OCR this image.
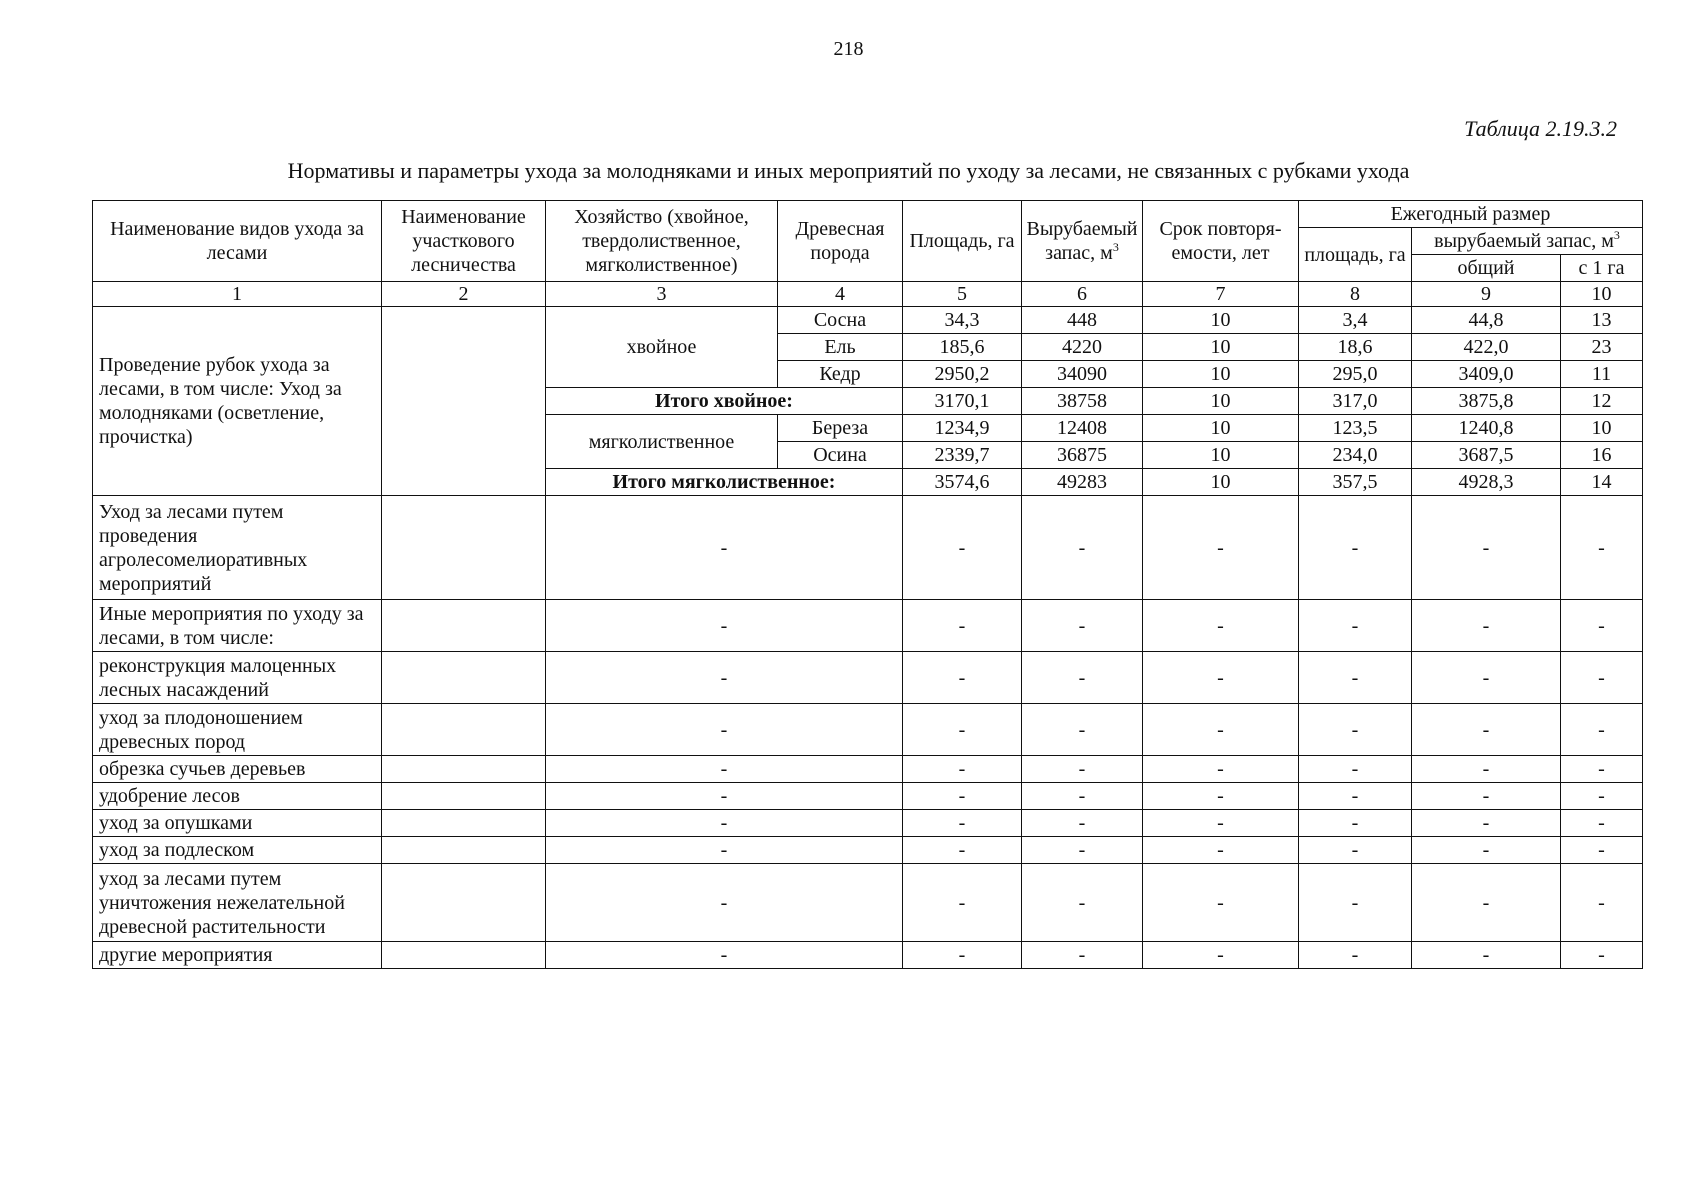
218
Таблица 2.19.3.2
Нормативы и параметры ухода за молодняками и иных мероприятий по уходу за лесами, не связанных с рубками ухода
Наименование видов ухода за лесами	Наименование участкового лесничества	Хозяйство (хвойное, твердолиственное, мягколиственное)	Древесная порода	Площадь, га	Вырубаемый запас, $м^3$	Срок повторя-емости, лет	Ежегодный размер		
							площадь, га	вырубаемый запас, $м^3$
								общий	с 1 га
1	2	3	4	5	6	7	8	9	10
Проведение рубок ухода за лесами, в том числе: Уход за молодняками (осветление, прочистка)		хвойное	Сосна	34,3	448	10	3,4	44,8	13
			Ель	185,6	4220	10	18,6	422,0	23
			Кедр	2950,2	34090	10	295,0	3409,0	11
		Итого хвойное:		3170,1	38758	10	317,0	3875,8	12
		мягколиственное	Береза	1234,9	12408	10	123,5	1240,8	10
			Осина	2339,7	36875	10	234,0	3687,5	16
		Итого мягколиственное:		3574,6	49283	10	357,5	4928,3	14
Уход за лесами путем проведения агролесомелиоративных мероприятий		-		-	-	-	-	-	-
Иные мероприятия по уходу за лесами, в том числе:		-		-	-	-	-	-	-
реконструкция малоценных лесных насаждений		-		-	-	-	-	-	-
уход за плодоношением древесных пород		-		-	-	-	-	-	-
обрезка сучьев деревьев		-		-	-	-	-	-	-
удобрение лесов		-		-	-	-	-	-	-
уход за опушками		-		-	-	-	-	-	-
уход за подлеском		-		-	-	-	-	-	-
уход за лесами путем уничтожения нежелательной древесной растительности		-		-	-	-	-	-	-
другие мероприятия		-		-	-	-	-	-	-
